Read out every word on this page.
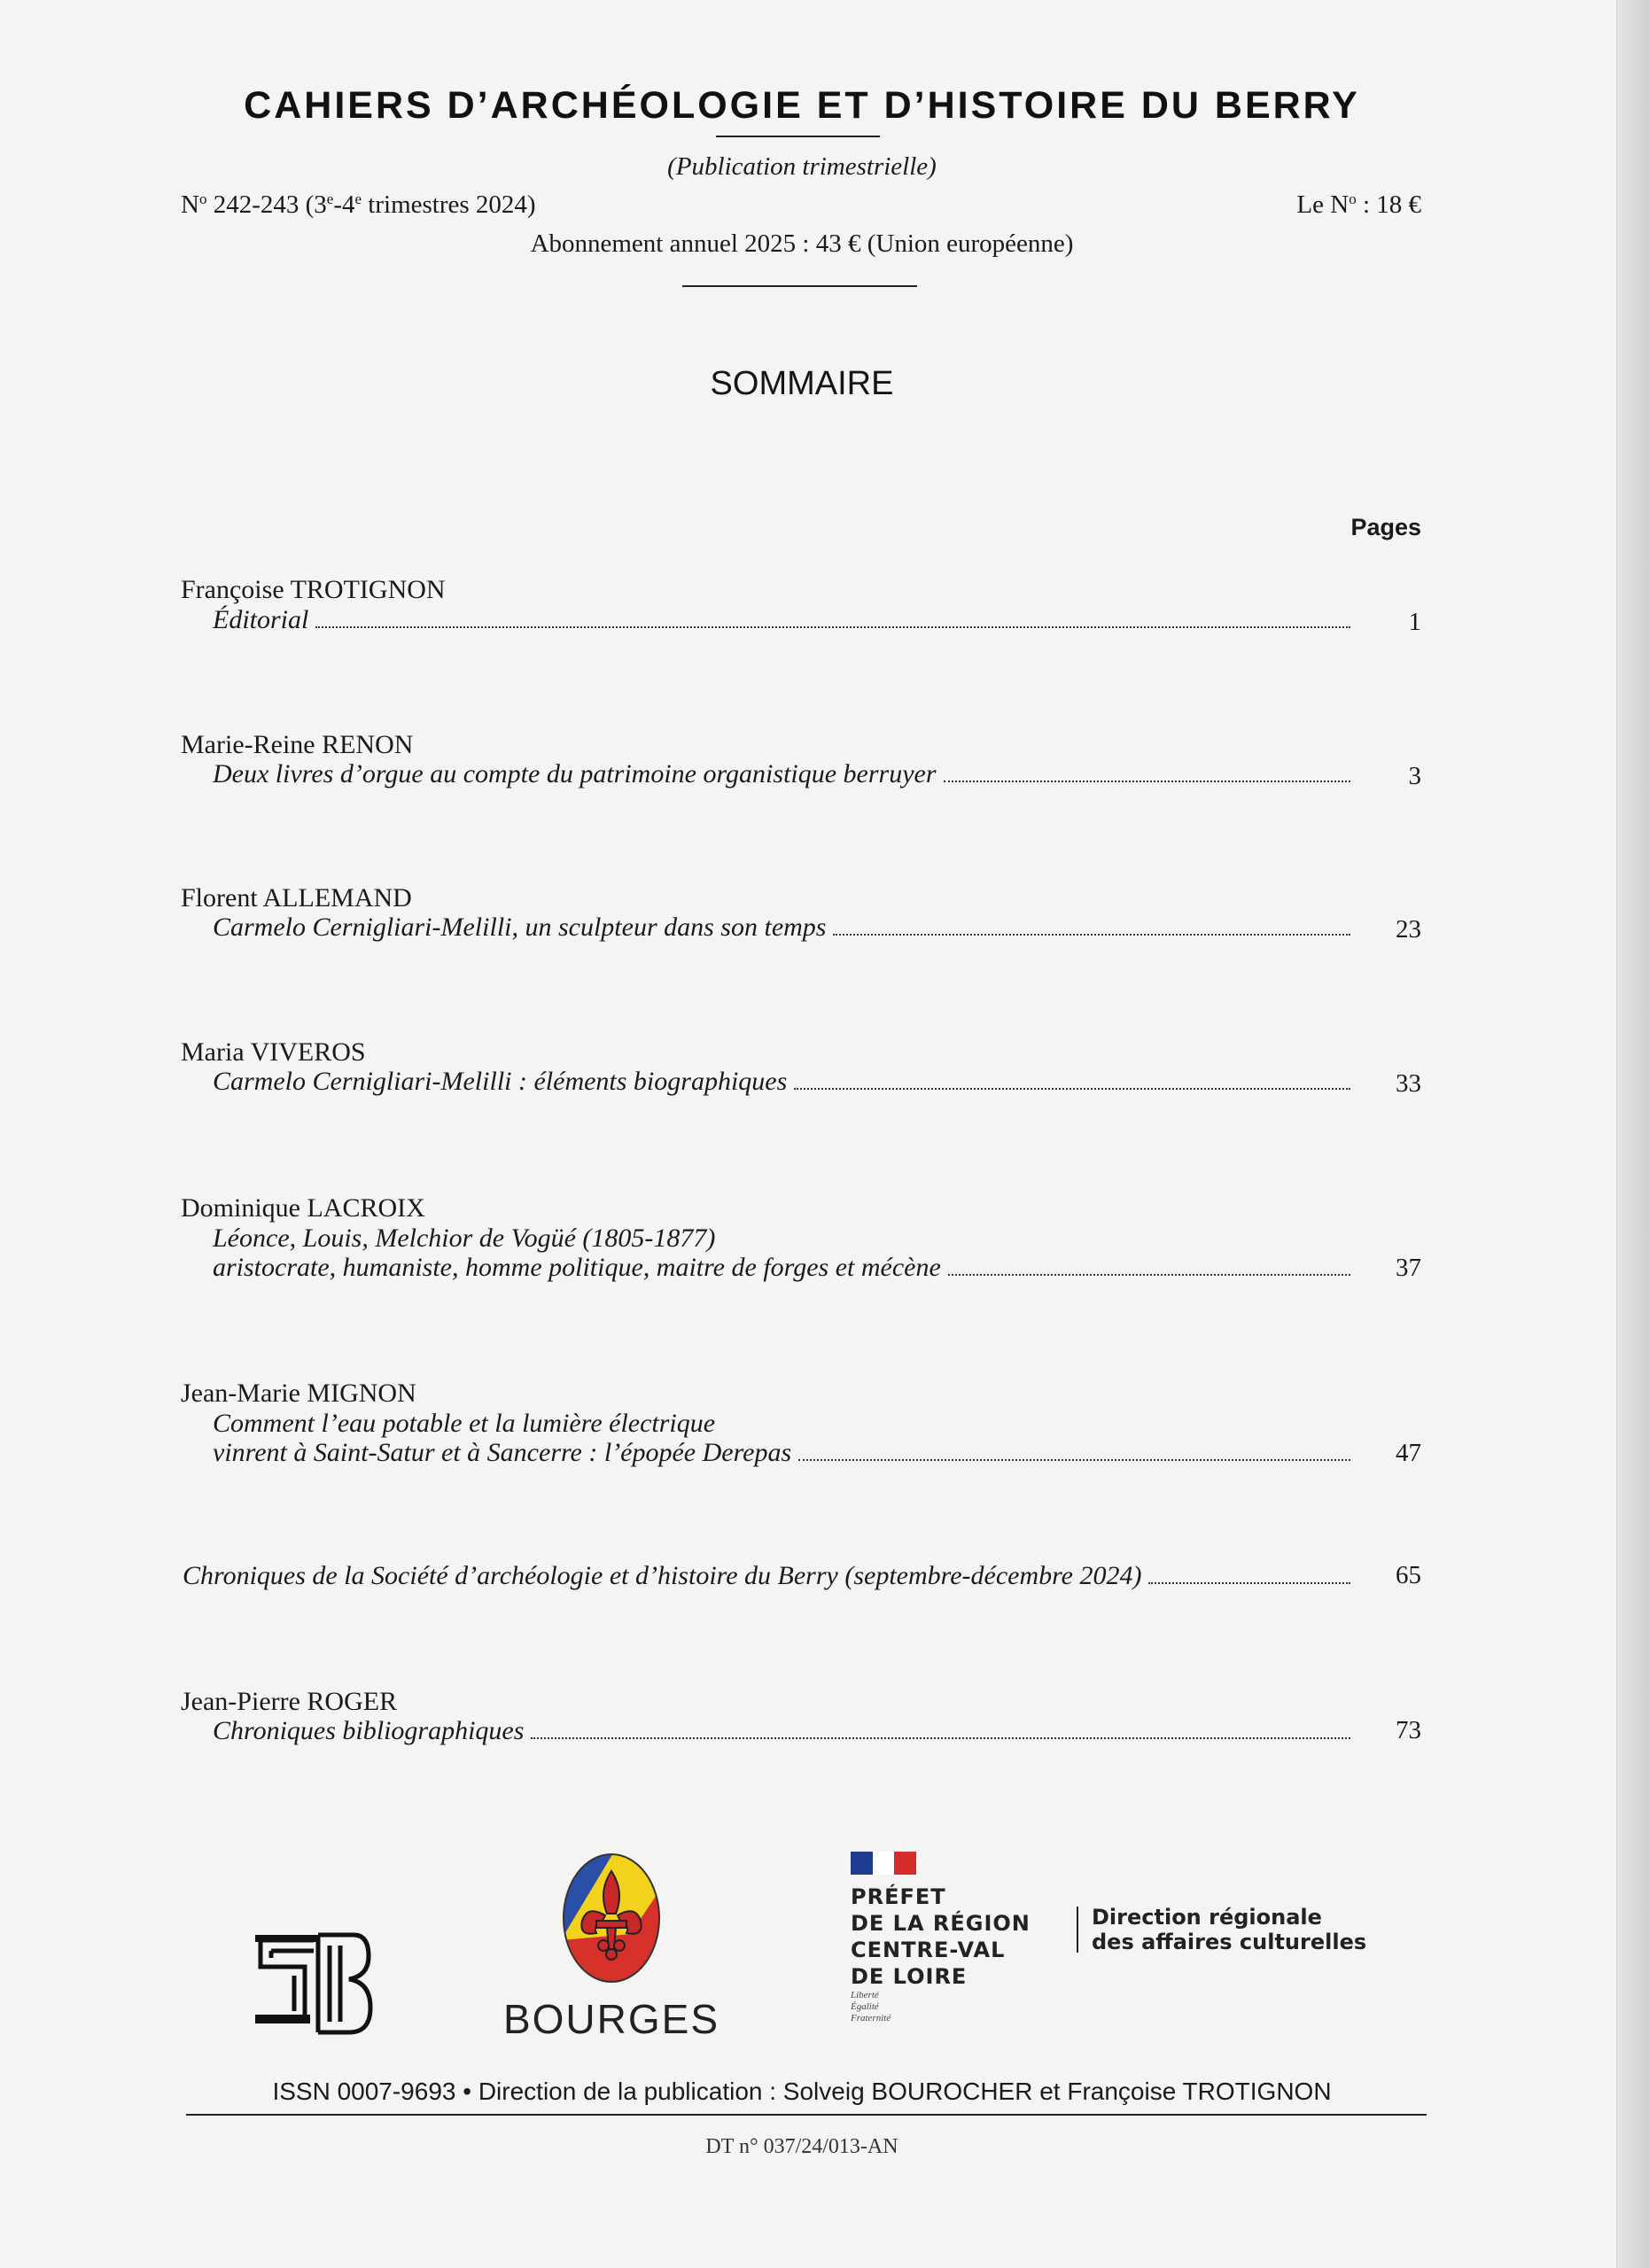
CAHIERS D’ARCHÉOLOGIE ET D’HISTOIRE DU BERRY
(Publication trimestrielle)
$N^o$ 242-243 (3e-4e trimestres 2024)	Le $N^o$ : 18 €
Abonnement annuel 2025 : 43 € (Union européenne)
SOMMAIRE
Pages
Françoise TROTIGNON
Éditorial	1
Marie-Reine RENON
Deux livres d’orgue au compte du patrimoine organistique berruyer	3
Florent ALLEMAND
Carmelo Cernigliari-Melilli, un sculpteur dans son temps	23
Maria VIVEROS
Carmelo Cernigliari-Melilli : éléments biographiques	33
Dominique LACROIX
Léonce, Louis, Melchior de Vogüé (1805-1877)
aristocrate, humaniste, homme politique, maitre de forges et mécène	37
Jean-Marie MIGNON
Comment l’eau potable et la lumière électrique
vinrent à Saint-Satur et à Sancerre : l’épopée Derepas	47
Chroniques de la Société d’archéologie et d’histoire du Berry (septembre-décembre 2024)	65
Jean-Pierre ROGER
Chroniques bibliographiques	73
BOURGES
PRÉFET
DE LA RÉGION
CENTRE-VAL
DE LOIRE
Liberté
Égalité
Fraternité
Direction régionale
des affaires culturelles
ISSN 0007-9693 • Direction de la publication : Solveig BOUROCHER et Françoise TROTIGNON
DT n° 037/24/013-AN
